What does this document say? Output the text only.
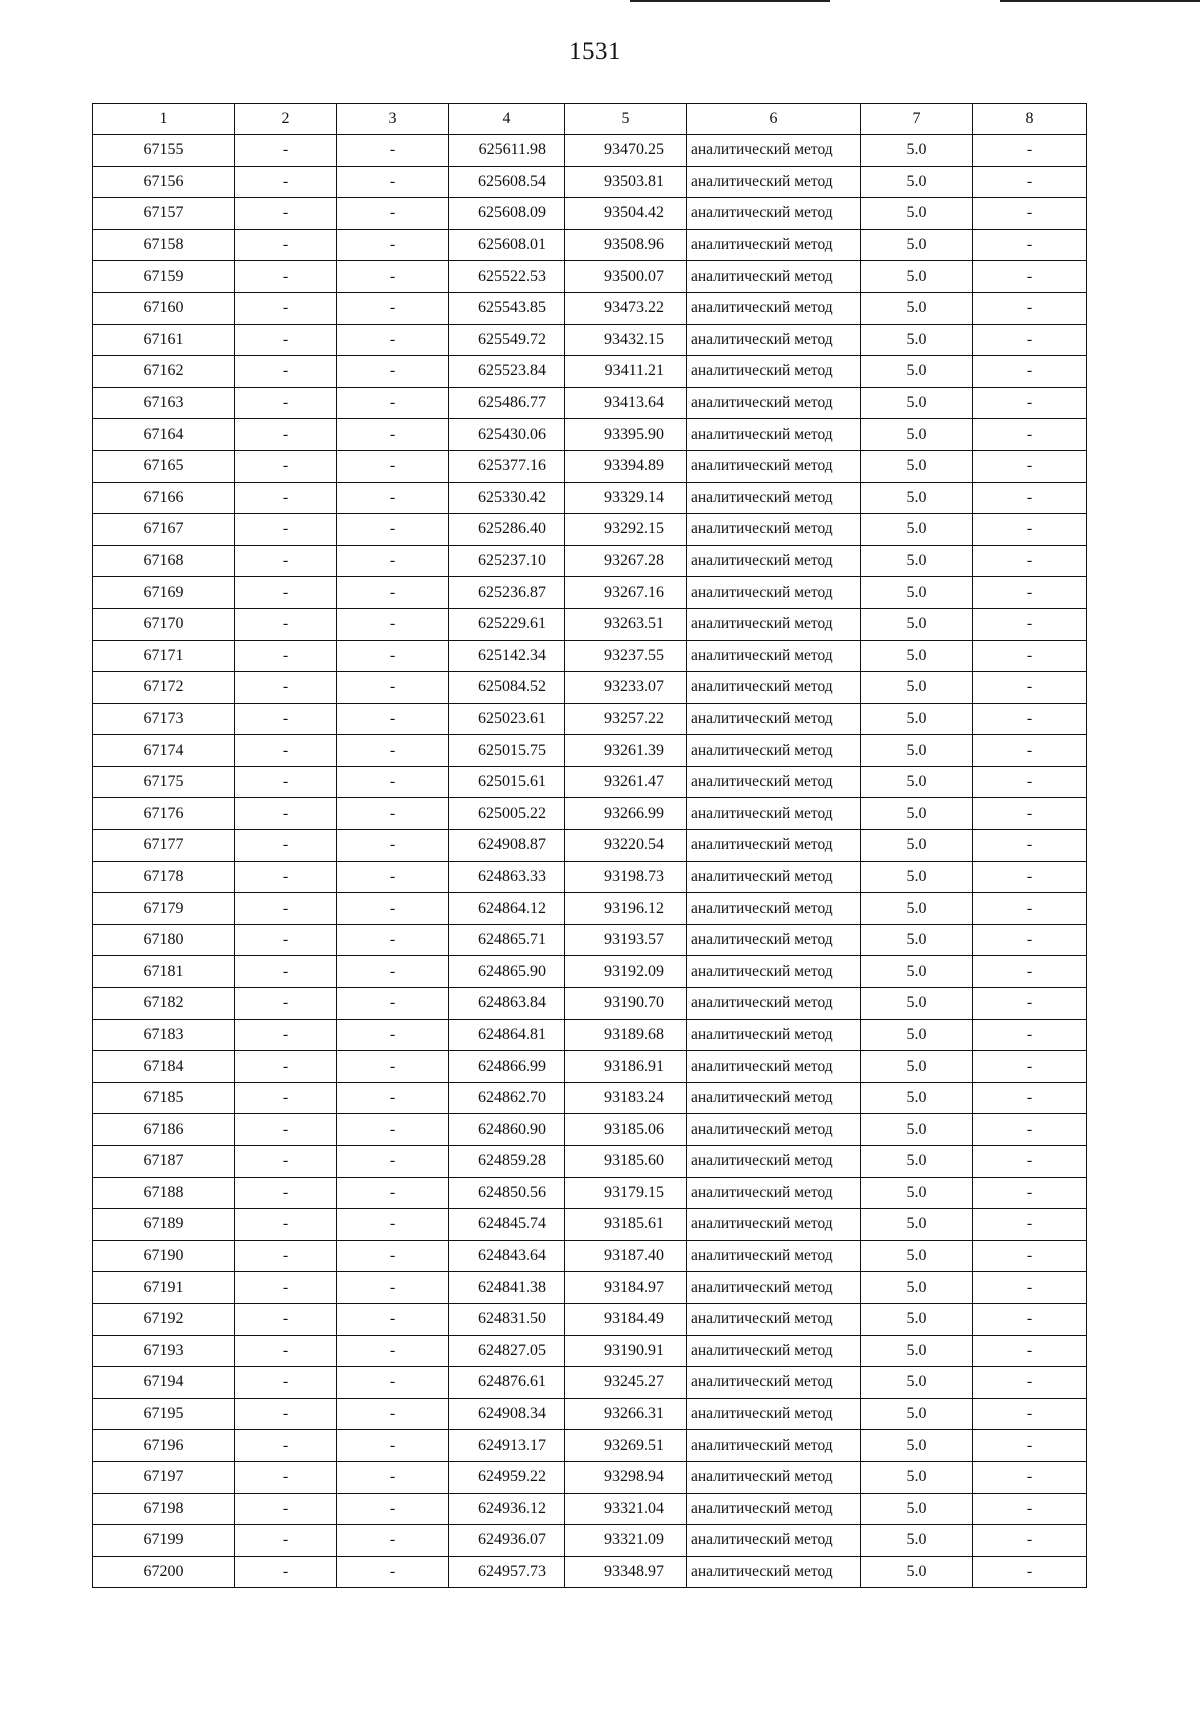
1531
1	2	3	4	5	6	7	8
67155	-	-	625611.98	93470.25	аналитический метод	5.0	-
67156	-	-	625608.54	93503.81	аналитический метод	5.0	-
67157	-	-	625608.09	93504.42	аналитический метод	5.0	-
67158	-	-	625608.01	93508.96	аналитический метод	5.0	-
67159	-	-	625522.53	93500.07	аналитический метод	5.0	-
67160	-	-	625543.85	93473.22	аналитический метод	5.0	-
67161	-	-	625549.72	93432.15	аналитический метод	5.0	-
67162	-	-	625523.84	93411.21	аналитический метод	5.0	-
67163	-	-	625486.77	93413.64	аналитический метод	5.0	-
67164	-	-	625430.06	93395.90	аналитический метод	5.0	-
67165	-	-	625377.16	93394.89	аналитический метод	5.0	-
67166	-	-	625330.42	93329.14	аналитический метод	5.0	-
67167	-	-	625286.40	93292.15	аналитический метод	5.0	-
67168	-	-	625237.10	93267.28	аналитический метод	5.0	-
67169	-	-	625236.87	93267.16	аналитический метод	5.0	-
67170	-	-	625229.61	93263.51	аналитический метод	5.0	-
67171	-	-	625142.34	93237.55	аналитический метод	5.0	-
67172	-	-	625084.52	93233.07	аналитический метод	5.0	-
67173	-	-	625023.61	93257.22	аналитический метод	5.0	-
67174	-	-	625015.75	93261.39	аналитический метод	5.0	-
67175	-	-	625015.61	93261.47	аналитический метод	5.0	-
67176	-	-	625005.22	93266.99	аналитический метод	5.0	-
67177	-	-	624908.87	93220.54	аналитический метод	5.0	-
67178	-	-	624863.33	93198.73	аналитический метод	5.0	-
67179	-	-	624864.12	93196.12	аналитический метод	5.0	-
67180	-	-	624865.71	93193.57	аналитический метод	5.0	-
67181	-	-	624865.90	93192.09	аналитический метод	5.0	-
67182	-	-	624863.84	93190.70	аналитический метод	5.0	-
67183	-	-	624864.81	93189.68	аналитический метод	5.0	-
67184	-	-	624866.99	93186.91	аналитический метод	5.0	-
67185	-	-	624862.70	93183.24	аналитический метод	5.0	-
67186	-	-	624860.90	93185.06	аналитический метод	5.0	-
67187	-	-	624859.28	93185.60	аналитический метод	5.0	-
67188	-	-	624850.56	93179.15	аналитический метод	5.0	-
67189	-	-	624845.74	93185.61	аналитический метод	5.0	-
67190	-	-	624843.64	93187.40	аналитический метод	5.0	-
67191	-	-	624841.38	93184.97	аналитический метод	5.0	-
67192	-	-	624831.50	93184.49	аналитический метод	5.0	-
67193	-	-	624827.05	93190.91	аналитический метод	5.0	-
67194	-	-	624876.61	93245.27	аналитический метод	5.0	-
67195	-	-	624908.34	93266.31	аналитический метод	5.0	-
67196	-	-	624913.17	93269.51	аналитический метод	5.0	-
67197	-	-	624959.22	93298.94	аналитический метод	5.0	-
67198	-	-	624936.12	93321.04	аналитический метод	5.0	-
67199	-	-	624936.07	93321.09	аналитический метод	5.0	-
67200	-	-	624957.73	93348.97	аналитический метод	5.0	-
